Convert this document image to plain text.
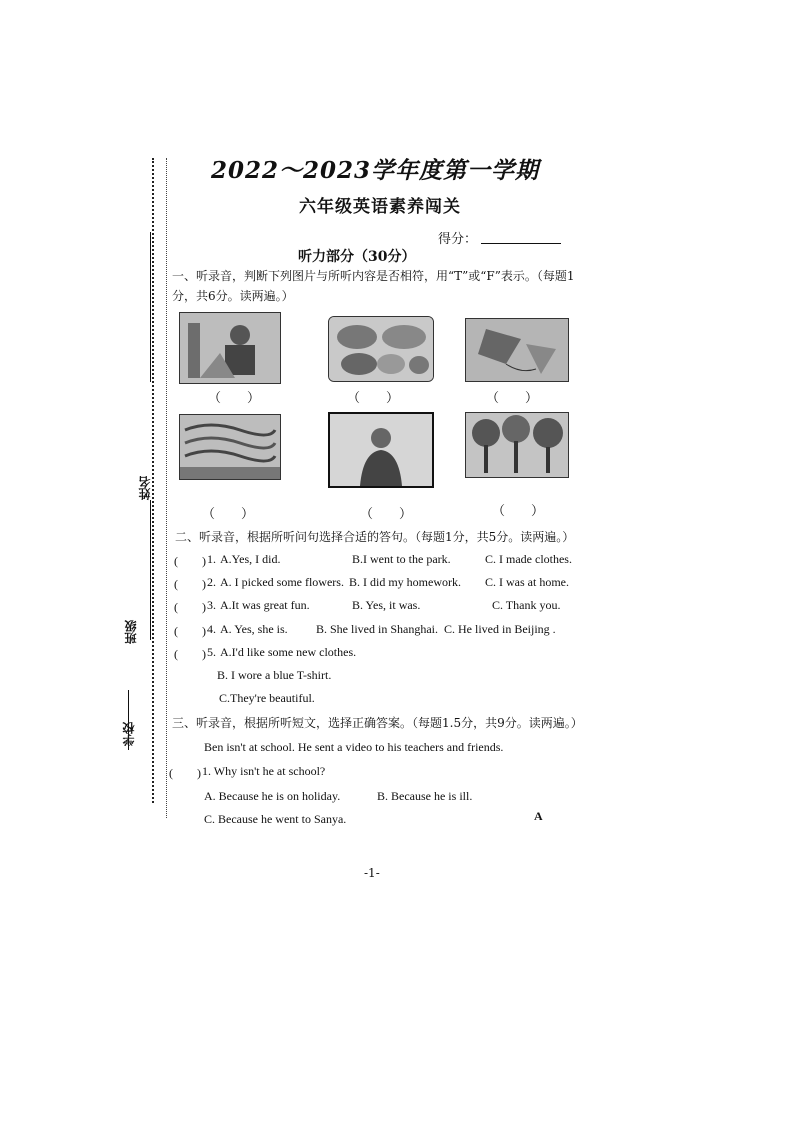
学校
班级
姓名
2022～2023学年度第一学期
六年级英语素养闯关
得分：
听力部分（30分）
一、听录音，判断下列图片与所听内容是否相符，用“T”或“F”表示。（每题1分，共6分。读两遍。）
（　　）	（　　）	（　　）
（　　）	（　　）	（　　）
二、听录音，根据所听问句选择合适的答句。（每题1分，共5分。读两遍。）
(　　) 1. A.Yes, I did.	B.I went to the park.	C. I made clothes.
(　　) 2. A. I picked some flowers. B. I did my homework. C. I was at home.
(　　) 3. A.It was great fun.	B. Yes, it was.	C. Thank you.
(　　) 4. A. Yes, she is. B. She lived in Shanghai. C. He lived in Beijing .
(　　) 5. A.I'd like some new clothes.
B. I wore a blue T-shirt.
C.They're beautiful.
三、听录音，根据所听短文，选择正确答案。（每题1.5分，共9分。读两遍。）
Ben isn't at school. He sent a video to his teachers and friends.
(　　) 1. Why isn't he at school?
A. Because he is on holiday.	B. Because he is ill.
C. Because he went to Sanya.	A
-1-
